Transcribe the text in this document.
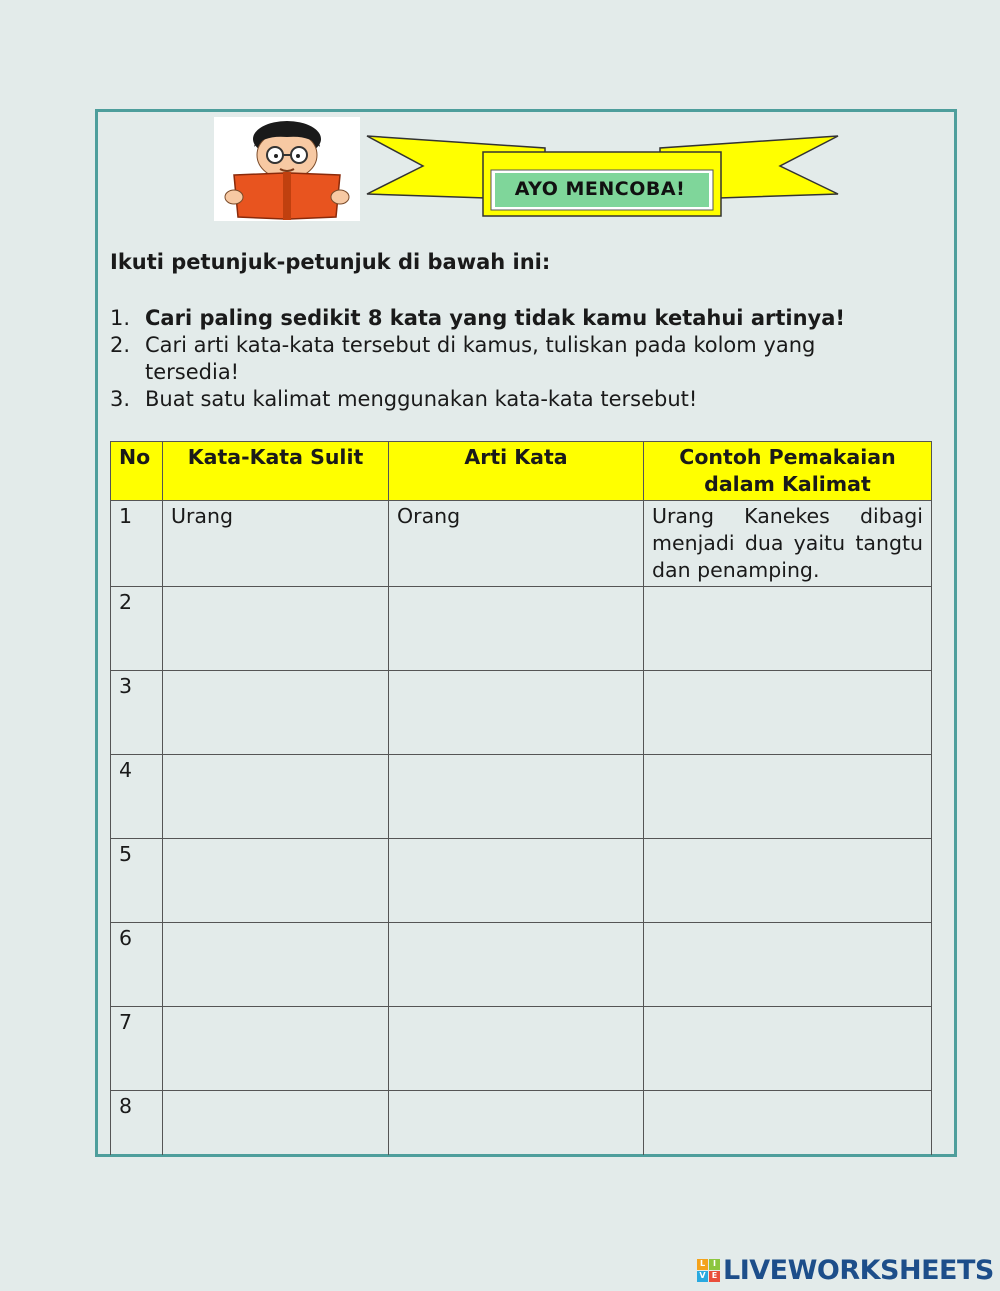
AYO MENCOBA!
Ikuti petunjuk-petunjuk di bawah ini:
1. Cari paling sedikit 8 kata yang tidak kamu ketahui artinya!
2. Cari arti kata-kata tersebut di kamus, tuliskan pada kolom yang tersedia!
3. Buat satu kalimat menggunakan kata-kata tersebut!
No	Kata-Kata Sulit	Arti Kata	Contoh Pemakaian dalam Kalimat
1	Urang	Orang	Urang Kanekes dibagi menjadi dua yaitu tangtu dan penamping.
2			
3			
4			
5			
6			
7			
8			
L I
V E LIVEWORKSHEETS
